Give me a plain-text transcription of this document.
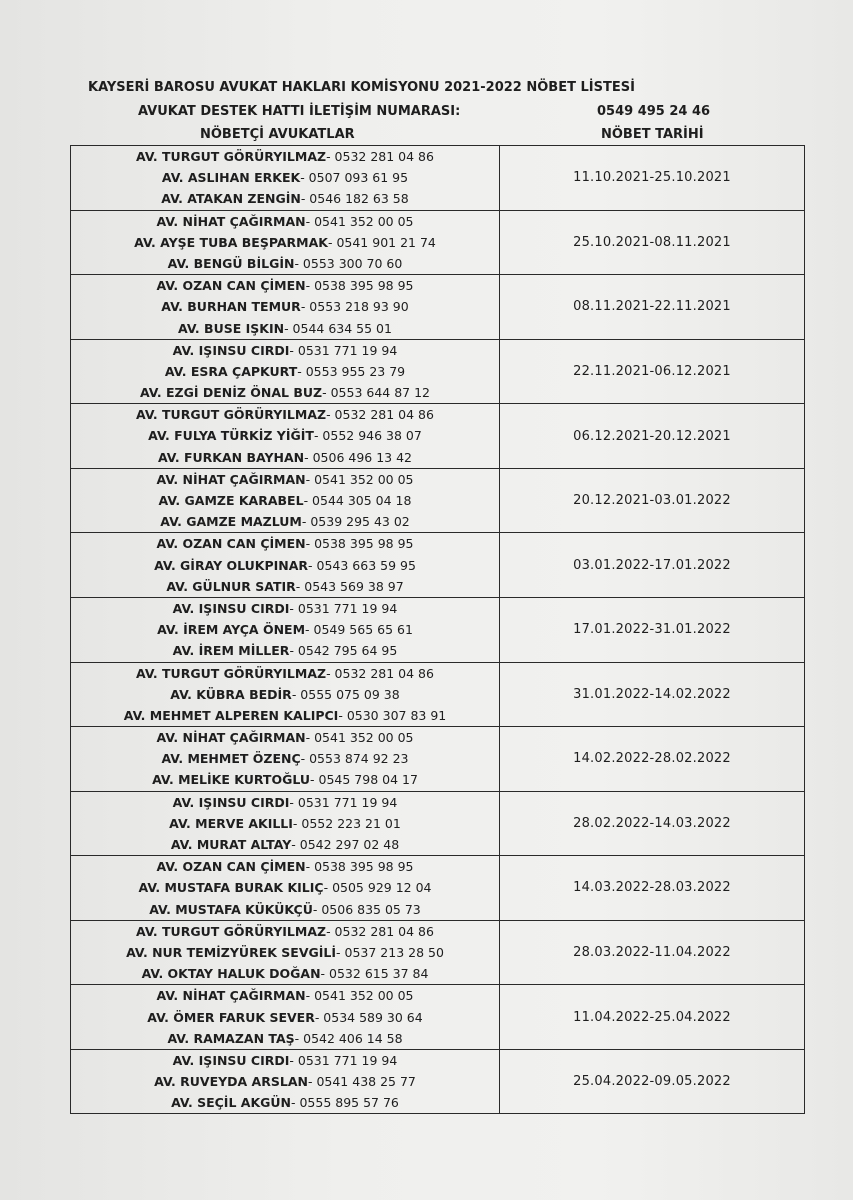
KAYSERİ BAROSU AVUKAT HAKLARI KOMİSYONU 2021-2022 NÖBET LİSTESİ
AVUKAT DESTEK HATTI İLETİŞİM NUMARASI:	0549 495 24 46
NÖBETÇİ AVUKATLAR	NÖBET TARİHİ
AV. TURGUT GÖRÜRYILMAZ- 0532 281 04 86
AV. ASLIHAN ERKEK- 0507 093 61 95
AV. ATAKAN ZENGİN- 0546 182 63 58	11.10.2021-25.10.2021

AV. NİHAT ÇAĞIRMAN- 0541 352 00 05
AV. AYŞE TUBA BEŞPARMAK- 0541 901 21 74
AV. BENGÜ BİLGİN- 0553 300 70 60	25.10.2021-08.11.2021

AV. OZAN CAN ÇİMEN- 0538 395 98 95
AV. BURHAN TEMUR- 0553 218 93 90
AV. BUSE IŞKIN- 0544 634 55 01	08.11.2021-22.11.2021

AV. IŞINSU CIRDI- 0531 771 19 94
AV. ESRA ÇAPKURT- 0553 955 23 79
AV. EZGİ DENİZ ÖNAL BUZ- 0553 644 87 12	22.11.2021-06.12.2021

AV. TURGUT GÖRÜRYILMAZ- 0532 281 04 86
AV. FULYA TÜRKİZ YİĞİT- 0552 946 38 07
AV. FURKAN BAYHAN- 0506 496 13 42	06.12.2021-20.12.2021

AV. NİHAT ÇAĞIRMAN- 0541 352 00 05
AV. GAMZE KARABEL- 0544 305 04 18
AV. GAMZE MAZLUM- 0539 295 43 02	20.12.2021-03.01.2022

AV. OZAN CAN ÇİMEN- 0538 395 98 95
AV. GİRAY OLUKPINAR- 0543 663 59 95
AV. GÜLNUR SATIR- 0543 569 38 97	03.01.2022-17.01.2022

AV. IŞINSU CIRDI- 0531 771 19 94
AV. İREM AYÇA ÖNEM- 0549 565 65 61
AV. İREM MİLLER- 0542 795 64 95	17.01.2022-31.01.2022

AV. TURGUT GÖRÜRYILMAZ- 0532 281 04 86
AV. KÜBRA BEDİR- 0555 075 09 38
AV. MEHMET ALPEREN KALIPCI- 0530 307 83 91	31.01.2022-14.02.2022

AV. NİHAT ÇAĞIRMAN- 0541 352 00 05
AV. MEHMET ÖZENÇ- 0553 874 92 23
AV. MELİKE KURTOĞLU- 0545 798 04 17	14.02.2022-28.02.2022

AV. IŞINSU CIRDI- 0531 771 19 94
AV. MERVE AKILLI- 0552 223 21 01
AV. MURAT ALTAY- 0542 297 02 48	28.02.2022-14.03.2022

AV. OZAN CAN ÇİMEN- 0538 395 98 95
AV. MUSTAFA BURAK KILIÇ- 0505 929 12 04
AV. MUSTAFA KÜKÜKÇÜ- 0506 835 05 73	14.03.2022-28.03.2022

AV. TURGUT GÖRÜRYILMAZ- 0532 281 04 86
AV. NUR TEMİZYÜREK SEVGİLİ- 0537 213 28 50
AV. OKTAY HALUK DOĞAN- 0532 615 37 84	28.03.2022-11.04.2022

AV. NİHAT ÇAĞIRMAN- 0541 352 00 05
AV. ÖMER FARUK SEVER- 0534 589 30 64
AV. RAMAZAN TAŞ- 0542 406 14 58	11.04.2022-25.04.2022

AV. IŞINSU CIRDI- 0531 771 19 94
AV. RUVEYDA ARSLAN- 0541 438 25 77
AV. SEÇİL AKGÜN- 0555 895 57 76	25.04.2022-09.05.2022
